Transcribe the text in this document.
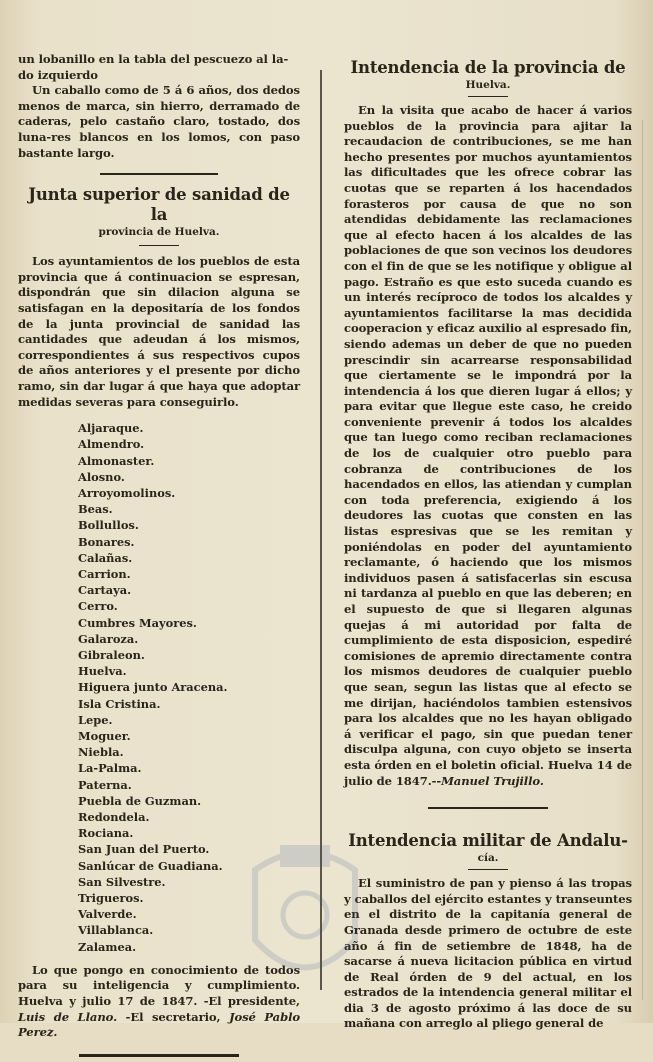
un lobanillo en la tabla del pescuezo al la-

do izquierdo

Un caballo como de 5 á 6 años, dos dedos menos de marca, sin hierro, derramado de caderas, pelo castaño claro, tostado, dos luna-res blancos en los lomos, con paso bastante largo.

Junta superior de sanidad de la
provincia de Huelva.

Los ayuntamientos de los pueblos de esta provincia que á continuacion se espresan, dispondrán que sin dilacion alguna se satisfagan en la depositaría de los fondos de la junta provincial de sanidad las cantidades que adeudan á los mismos, correspondientes á sus respectivos cupos de años anteriores y el presente por dicho ramo, sin dar lugar á que haya que adoptar medidas severas para conseguirlo.

Aljaraque.
Almendro.
Almonaster.
Alosno.
Arroyomolinos.
Beas.
Bollullos.
Bonares.
Calañas.
Carrion.
Cartaya.
Cerro.
Cumbres Mayores.
Galaroza.
Gibraleon.
Huelva.
Higuera junto Aracena.
Isla Cristina.
Lepe.
Moguer.
Niebla.
La-Palma.
Paterna.
Puebla de Guzman.
Redondela.
Rociana.
San Juan del Puerto.
Sanlúcar de Guadiana.
San Silvestre.
Trigueros.
Valverde.
Villablanca.
Zalamea.

Lo que pongo en conocimiento de todos para su inteligencia y cumplimiento. Huelva y julio 17 de 1847. -El presidente, Luis de Llano. -El secretario, José Pablo Perez.

Intendencia de la provincia de
Huelva.

En la visita que acabo de hacer á varios pueblos de la provincia para ajitar la recaudacion de contribuciones, se me han hecho presentes por muchos ayuntamientos las dificultades que les ofrece cobrar las cuotas que se reparten á los hacendados forasteros por causa de que no son atendidas debidamente las reclamaciones que al efecto hacen á los alcaldes de las poblaciones de que son vecinos los deudores con el fin de que se les notifique y obligue al pago. Estraño es que esto suceda cuando es un interés recíproco de todos los alcaldes y ayuntamientos facilitarse la mas decidida cooperacion y eficaz auxilio al espresado fin, siendo ademas un deber de que no pueden prescindir sin acarrearse responsabilidad que ciertamente se le impondrá por la intendencia á los que dieren lugar á ellos; y para evitar que llegue este caso, he creido conveniente prevenir á todos los alcaldes que tan luego como reciban reclamaciones de los de cualquier otro pueblo para cobranza de contribuciones de los hacendados en ellos, las atiendan y cumplan con toda preferencia, exigiendo á los deudores las cuotas que consten en las listas espresivas que se les remitan y poniéndolas en poder del ayuntamiento reclamante, ó haciendo que los mismos individuos pasen á satisfacerlas sin escusa ni tardanza al pueblo en que las deberen; en el supuesto de que si llegaren algunas quejas á mi autoridad por falta de cumplimiento de esta disposicion, espediré comisiones de apremio directamente contra los mismos deudores de cualquier pueblo que sean, segun las listas que al efecto se me dirijan, haciéndolos tambien estensivos para los alcaldes que no les hayan obligado á verificar el pago, sin que puedan tener disculpa alguna, con cuyo objeto se inserta esta órden en el boletin oficial. Huelva 14 de julio de 1847.--Manuel Trujillo.

Intendencia militar de Andalu-
cía.

El suministro de pan y pienso á las tropas y caballos del ejército estantes y transeuntes en el distrito de la capitanía general de Granada desde primero de octubre de este año á fin de setiembre de 1848, ha de sacarse á nueva licitacion pública en virtud de Real órden de 9 del actual, en los estrados de la intendencia general militar el dia 3 de agosto próximo á las doce de su mañana con arreglo al pliego general de
